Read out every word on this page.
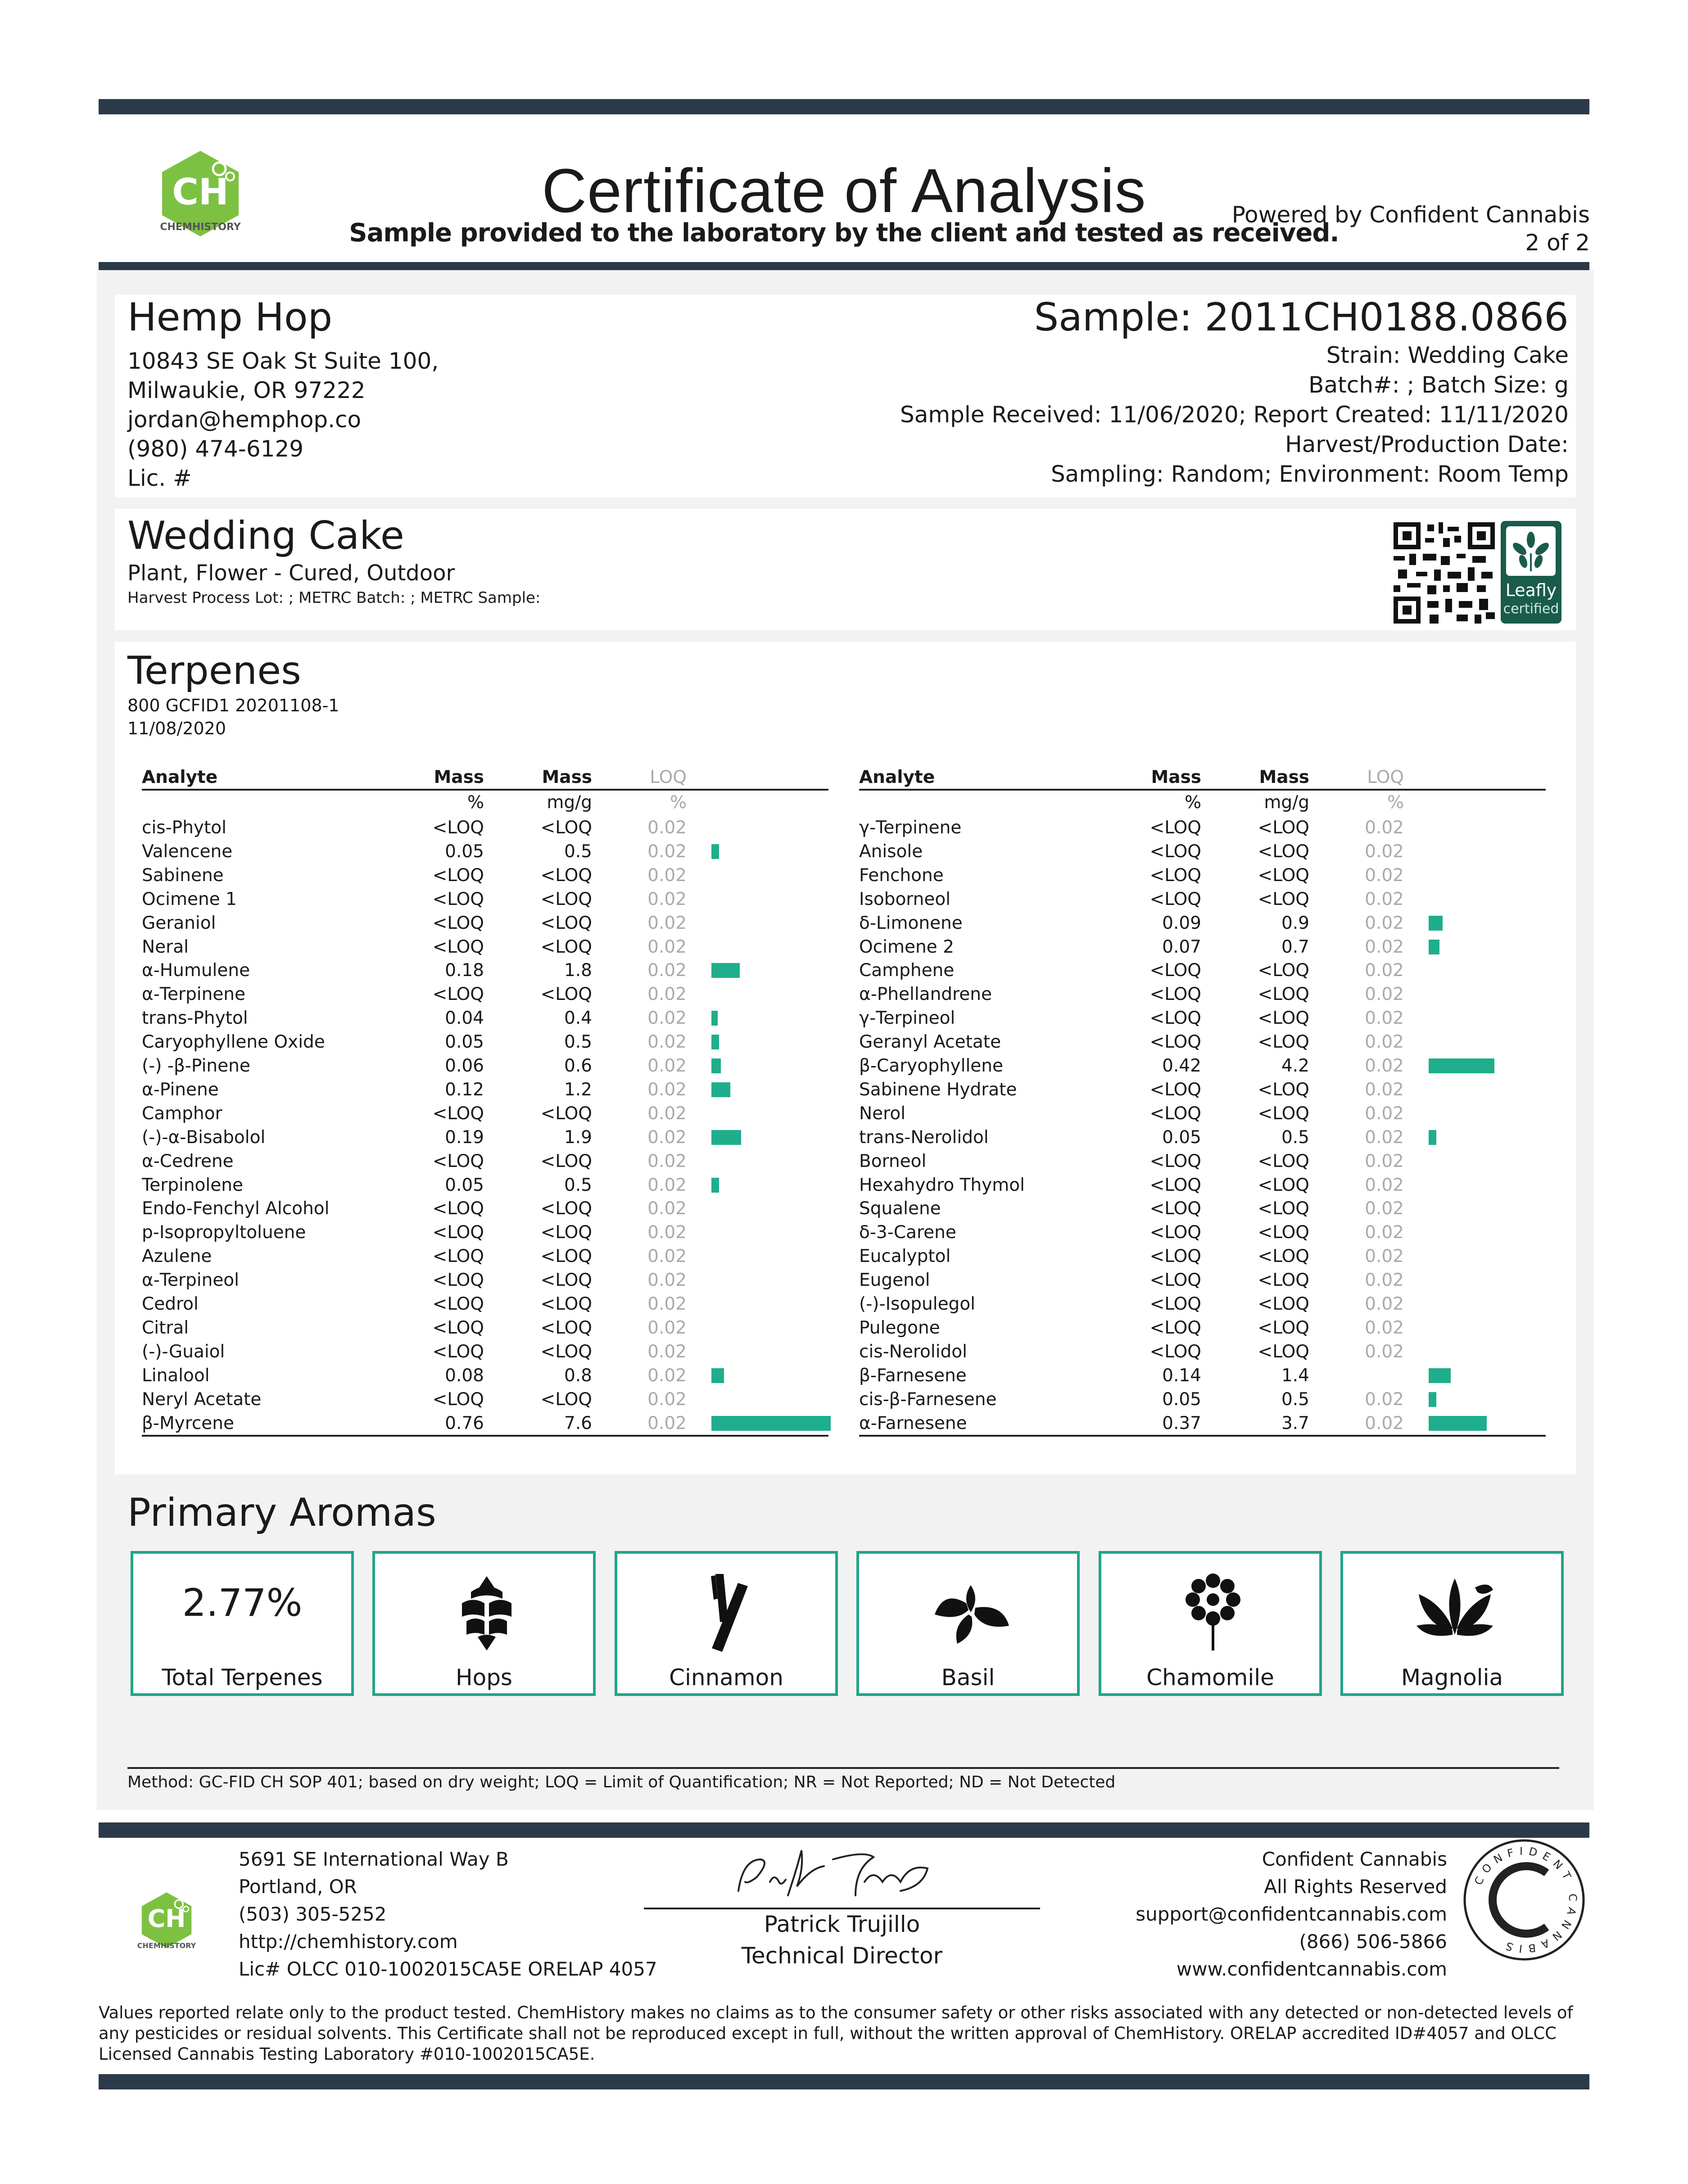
CH
CHEMHISTORY
Certificate of Analysis
Sample provided to the laboratory by the client and tested as received.
Powered by Confident Cannabis
2 of 2
Hemp Hop
10843 SE Oak St Suite 100,
Milwaukie, OR 97222
jordan@hemphop.co
(980) 474-6129
Lic. #
Sample: 2011CH0188.0866
Strain: Wedding Cake
Batch#: ; Batch Size: g
Sample Received: 11/06/2020; Report Created: 11/11/2020
Harvest/Production Date:
Sampling: Random; Environment: Room Temp
Wedding Cake
Plant, Flower - Cured, Outdoor
Harvest Process Lot: ; METRC Batch: ; METRC Sample:	Leafly
certified
Terpenes
800 GCFID1 20201108-1
11/08/2020
Analyte	Mass	Mass	LOQ
%	mg/g	%
cis-Phytol	<LOQ	<LOQ	0.02
Valencene	0.05	0.5	0.02
Sabinene	<LOQ	<LOQ	0.02
Ocimene 1	<LOQ	<LOQ	0.02
Geraniol	<LOQ	<LOQ	0.02
Neral	<LOQ	<LOQ	0.02
α-Humulene	0.18	1.8	0.02
α-Terpinene	<LOQ	<LOQ	0.02
trans-Phytol	0.04	0.4	0.02
Caryophyllene Oxide	0.05	0.5	0.02
(-) -β-Pinene	0.06	0.6	0.02
α-Pinene	0.12	1.2	0.02
Camphor	<LOQ	<LOQ	0.02
(-)-α-Bisabolol	0.19	1.9	0.02
α-Cedrene	<LOQ	<LOQ	0.02
Terpinolene	0.05	0.5	0.02
Endo-Fenchyl Alcohol	<LOQ	<LOQ	0.02
p-Isopropyltoluene	<LOQ	<LOQ	0.02
Azulene	<LOQ	<LOQ	0.02
α-Terpineol	<LOQ	<LOQ	0.02
Cedrol	<LOQ	<LOQ	0.02
Citral	<LOQ	<LOQ	0.02
(-)-Guaiol	<LOQ	<LOQ	0.02
Linalool	0.08	0.8	0.02
Neryl Acetate	<LOQ	<LOQ	0.02
β-Myrcene	0.76	7.6	0.02
Analyte	Mass	Mass	LOQ
%	mg/g	%
γ-Terpinene	<LOQ	<LOQ	0.02
Anisole	<LOQ	<LOQ	0.02
Fenchone	<LOQ	<LOQ	0.02
Isoborneol	<LOQ	<LOQ	0.02
δ-Limonene	0.09	0.9	0.02
Ocimene 2	0.07	0.7	0.02
Camphene	<LOQ	<LOQ	0.02
α-Phellandrene	<LOQ	<LOQ	0.02
γ-Terpineol	<LOQ	<LOQ	0.02
Geranyl Acetate	<LOQ	<LOQ	0.02
β-Caryophyllene	0.42	4.2	0.02
Sabinene Hydrate	<LOQ	<LOQ	0.02
Nerol	<LOQ	<LOQ	0.02
trans-Nerolidol	0.05	0.5	0.02
Borneol	<LOQ	<LOQ	0.02
Hexahydro Thymol	<LOQ	<LOQ	0.02
Squalene	<LOQ	<LOQ	0.02
δ-3-Carene	<LOQ	<LOQ	0.02
Eucalyptol	<LOQ	<LOQ	0.02
Eugenol	<LOQ	<LOQ	0.02
(-)-Isopulegol	<LOQ	<LOQ	0.02
Pulegone	<LOQ	<LOQ	0.02
cis-Nerolidol	<LOQ	<LOQ	0.02
β-Farnesene	0.14	1.4
cis-β-Farnesene	0.05	0.5	0.02
α-Farnesene	0.37	3.7	0.02
Primary Aromas
2.77%
Total Terpenes	Hops	Cinnamon	Basil	Chamomile	Magnolia
Method: GC-FID CH SOP 401; based on dry weight; LOQ = Limit of Quantification; NR = Not Reported; ND = Not Detected
CH
CHEMHISTORY
5691 SE International Way B
Portland, OR
(503) 305-5252
http://chemhistory.com
Lic# OLCC 010-1002015CA5E ORELAP 4057
Patrick Trujillo
Technical Director
Confident Cannabis
All Rights Reserved
support@confidentcannabis.com
(866) 506-5866
www.confidentcannabis.com
CONFIDENT CANNABIS
Values reported relate only to the product tested. ChemHistory makes no claims as to the consumer safety or other risks associated with any detected or non-detected levels of any pesticides or residual solvents. This Certificate shall not be reproduced except in full, without the written approval of ChemHistory. ORELAP accredited ID#4057 and OLCC Licensed Cannabis Testing Laboratory #010-1002015CA5E.
